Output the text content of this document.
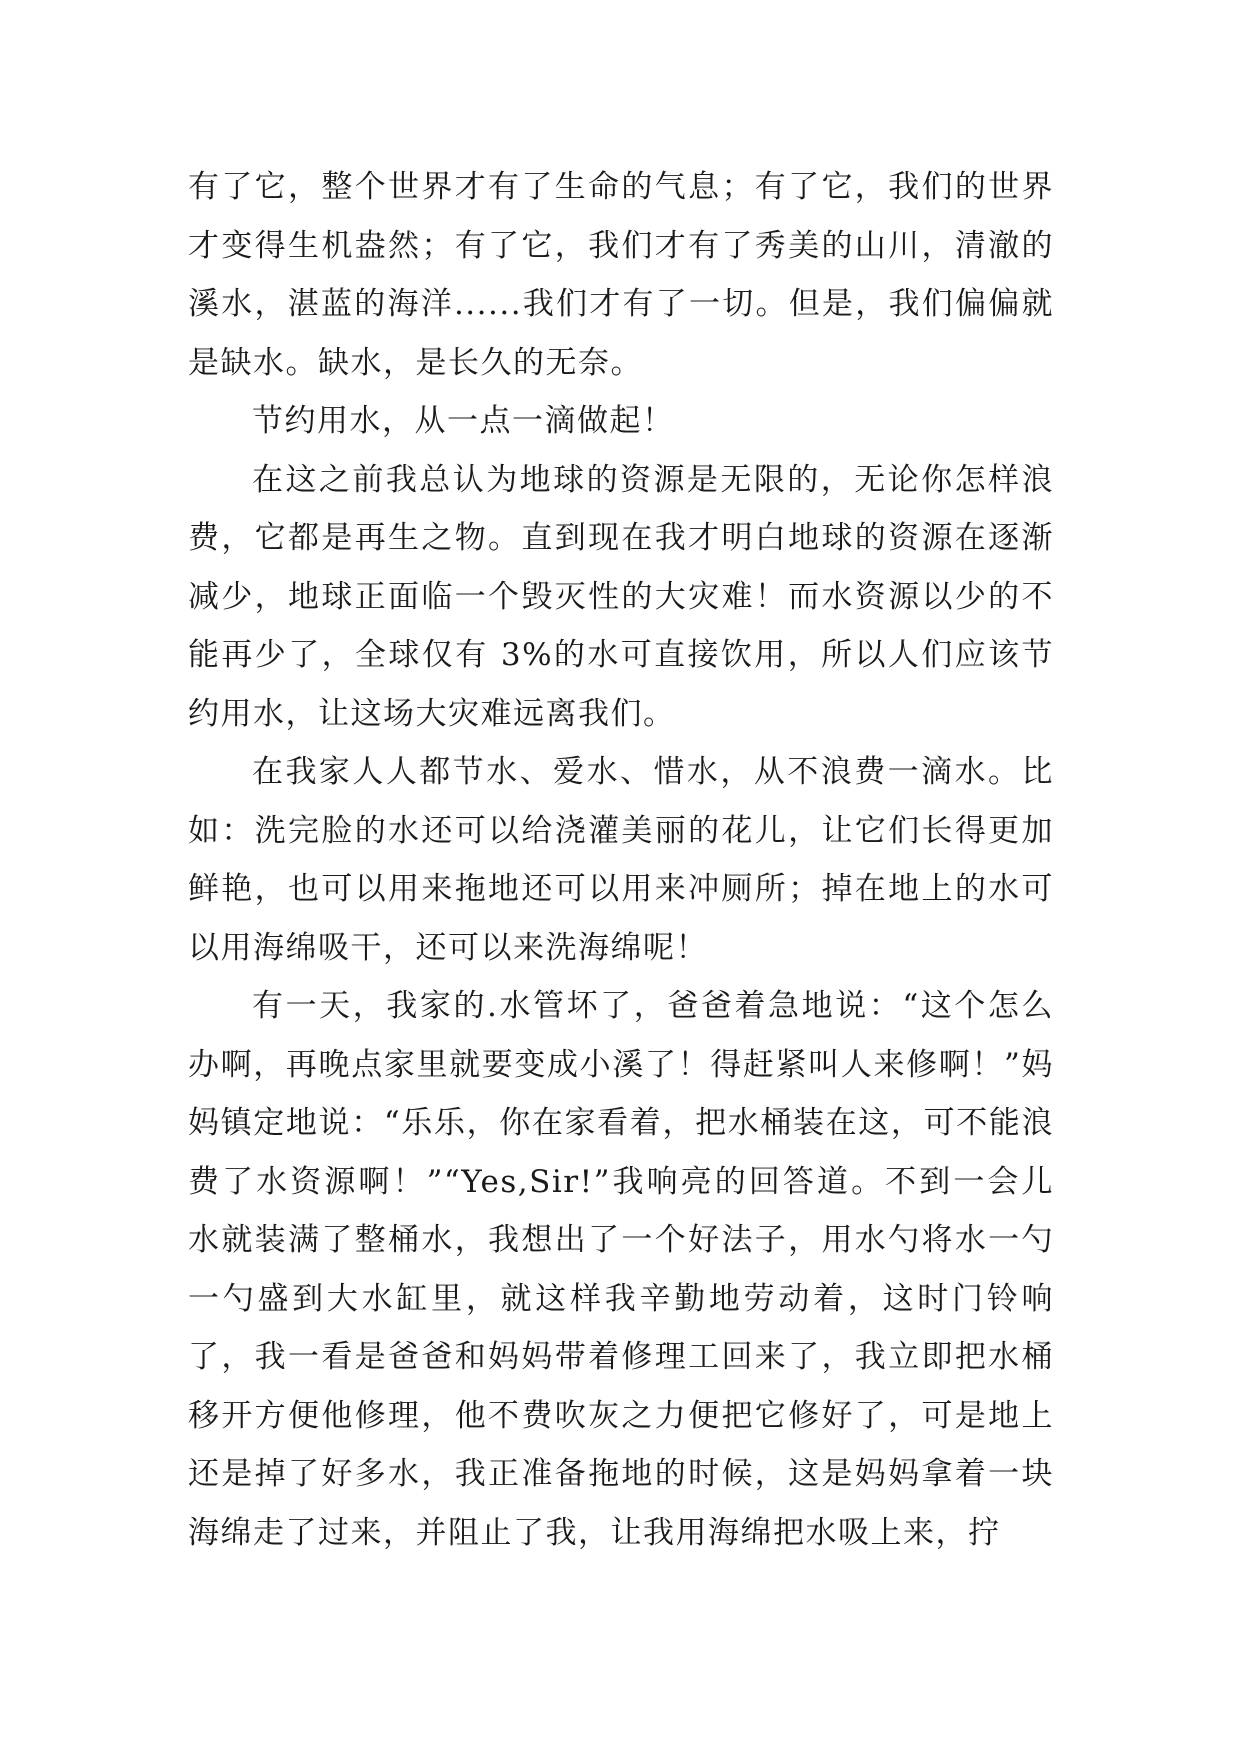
有了它，整个世界才有了生命的气息；有了它，我们的世界才变得生机盎然；有了它，我们才有了秀美的山川，清澈的溪水，湛蓝的海洋......我们才有了一切。但是，我们偏偏就是缺水。缺水，是长久的无奈。

节约用水，从一点一滴做起！

在这之前我总认为地球的资源是无限的，无论你怎样浪费，它都是再生之物。直到现在我才明白地球的资源在逐渐减少，地球正面临一个毁灭性的大灾难！而水资源以少的不能再少了，全球仅有 3%的水可直接饮用，所以人们应该节约用水，让这场大灾难远离我们。

在我家人人都节水、爱水、惜水，从不浪费一滴水。比如：洗完脸的水还可以给浇灌美丽的花儿，让它们长得更加鲜艳，也可以用来拖地还可以用来冲厕所；掉在地上的水可以用海绵吸干，还可以来洗海绵呢！

有一天，我家的.水管坏了，爸爸着急地说：“这个怎么办啊，再晚点家里就要变成小溪了！得赶紧叫人来修啊！”妈妈镇定地说：“乐乐，你在家看着，把水桶装在这，可不能浪费了水资源啊！”“Yes,Sir!”我响亮的回答道。不到一会儿水就装满了整桶水，我想出了一个好法子，用水勺将水一勺一勺盛到大水缸里，就这样我辛勤地劳动着，这时门铃响了，我一看是爸爸和妈妈带着修理工回来了，我立即把水桶移开方便他修理，他不费吹灰之力便把它修好了，可是地上还是掉了好多水，我正准备拖地的时候，这是妈妈拿着一块海绵走了过来，并阻止了我，让我用海绵把水吸上来，拧
